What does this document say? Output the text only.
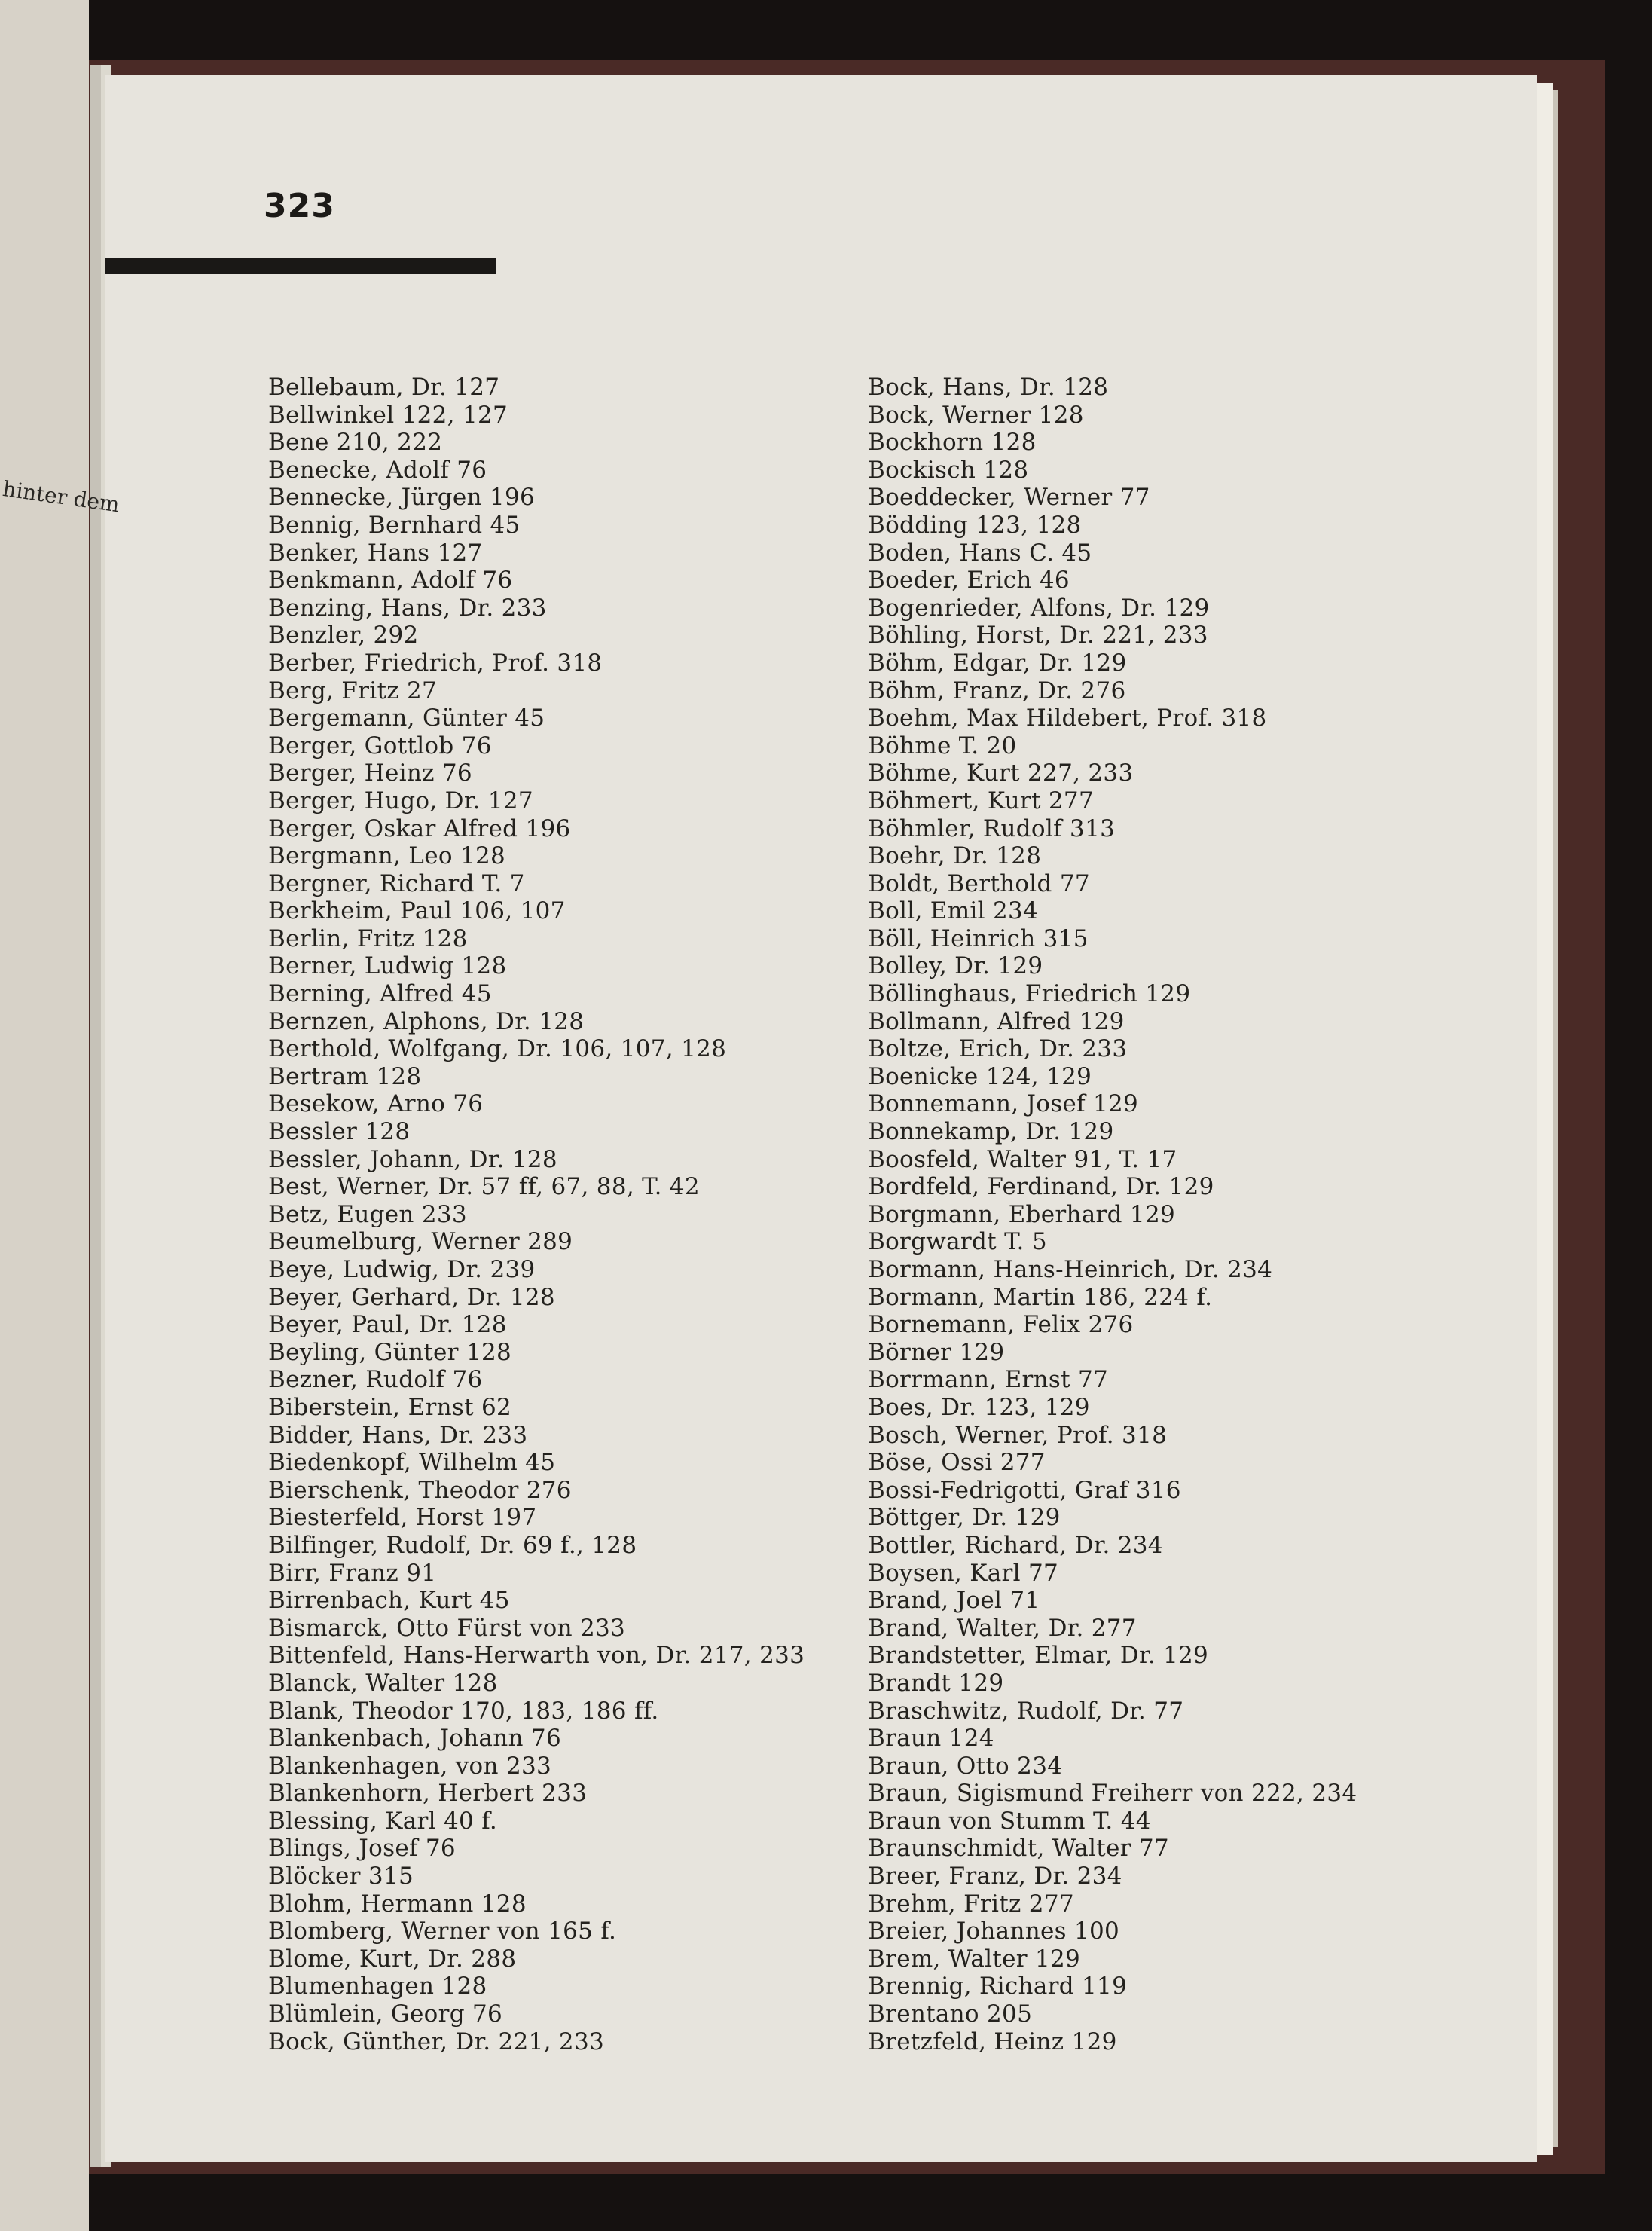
hinter dem

323

Bellebaum, Dr. 127
Bellwinkel 122, 127
Bene 210, 222
Benecke, Adolf 76
Bennecke, Jürgen 196
Bennig, Bernhard 45
Benker, Hans 127
Benkmann, Adolf 76
Benzing, Hans, Dr. 233
Benzler, 292
Berber, Friedrich, Prof. 318
Berg, Fritz 27
Bergemann, Günter 45
Berger, Gottlob 76
Berger, Heinz 76
Berger, Hugo, Dr. 127
Berger, Oskar Alfred 196
Bergmann, Leo 128
Bergner, Richard T. 7
Berkheim, Paul 106, 107
Berlin, Fritz 128
Berner, Ludwig 128
Berning, Alfred 45
Bernzen, Alphons, Dr. 128
Berthold, Wolfgang, Dr. 106, 107, 128
Bertram 128
Besekow, Arno 76
Bessler 128
Bessler, Johann, Dr. 128
Best, Werner, Dr. 57 ff, 67, 88, T. 42
Betz, Eugen 233
Beumelburg, Werner 289
Beye, Ludwig, Dr. 239
Beyer, Gerhard, Dr. 128
Beyer, Paul, Dr. 128
Beyling, Günter 128
Bezner, Rudolf 76
Biberstein, Ernst 62
Bidder, Hans, Dr. 233
Biedenkopf, Wilhelm 45
Bierschenk, Theodor 276
Biesterfeld, Horst 197
Bilfinger, Rudolf, Dr. 69 f., 128
Birr, Franz 91
Birrenbach, Kurt 45
Bismarck, Otto Fürst von 233
Bittenfeld, Hans-Herwarth von, Dr. 217, 233
Blanck, Walter 128
Blank, Theodor 170, 183, 186 ff.
Blankenbach, Johann 76
Blankenhagen, von 233
Blankenhorn, Herbert 233
Blessing, Karl 40 f.
Blings, Josef 76
Blöcker 315
Blohm, Hermann 128
Blomberg, Werner von 165 f.
Blome, Kurt, Dr. 288
Blumenhagen 128
Blümlein, Georg 76
Bock, Günther, Dr. 221, 233
Bock, Hans, Dr. 128
Bock, Werner 128
Bockhorn 128
Bockisch 128
Boeddecker, Werner 77
Bödding 123, 128
Boden, Hans C. 45
Boeder, Erich 46
Bogenrieder, Alfons, Dr. 129
Böhling, Horst, Dr. 221, 233
Böhm, Edgar, Dr. 129
Böhm, Franz, Dr. 276
Boehm, Max Hildebert, Prof. 318
Böhme T. 20
Böhme, Kurt 227, 233
Böhmert, Kurt 277
Böhmler, Rudolf 313
Boehr, Dr. 128
Boldt, Berthold 77
Boll, Emil 234
Böll, Heinrich 315
Bolley, Dr. 129
Böllinghaus, Friedrich 129
Bollmann, Alfred 129
Boltze, Erich, Dr. 233
Boenicke 124, 129
Bonnemann, Josef 129
Bonnekamp, Dr. 129
Boosfeld, Walter 91, T. 17
Bordfeld, Ferdinand, Dr. 129
Borgmann, Eberhard 129
Borgwardt T. 5
Bormann, Hans-Heinrich, Dr. 234
Bormann, Martin 186, 224 f.
Bornemann, Felix 276
Börner 129
Borrmann, Ernst 77
Boes, Dr. 123, 129
Bosch, Werner, Prof. 318
Böse, Ossi 277
Bossi-Fedrigotti, Graf 316
Böttger, Dr. 129
Bottler, Richard, Dr. 234
Boysen, Karl 77
Brand, Joel 71
Brand, Walter, Dr. 277
Brandstetter, Elmar, Dr. 129
Brandt 129
Braschwitz, Rudolf, Dr. 77
Braun 124
Braun, Otto 234
Braun, Sigismund Freiherr von 222, 234
Braun von Stumm T. 44
Braunschmidt, Walter 77
Breer, Franz, Dr. 234
Brehm, Fritz 277
Breier, Johannes 100
Brem, Walter 129
Brennig, Richard 119
Brentano 205
Bretzfeld, Heinz 129
